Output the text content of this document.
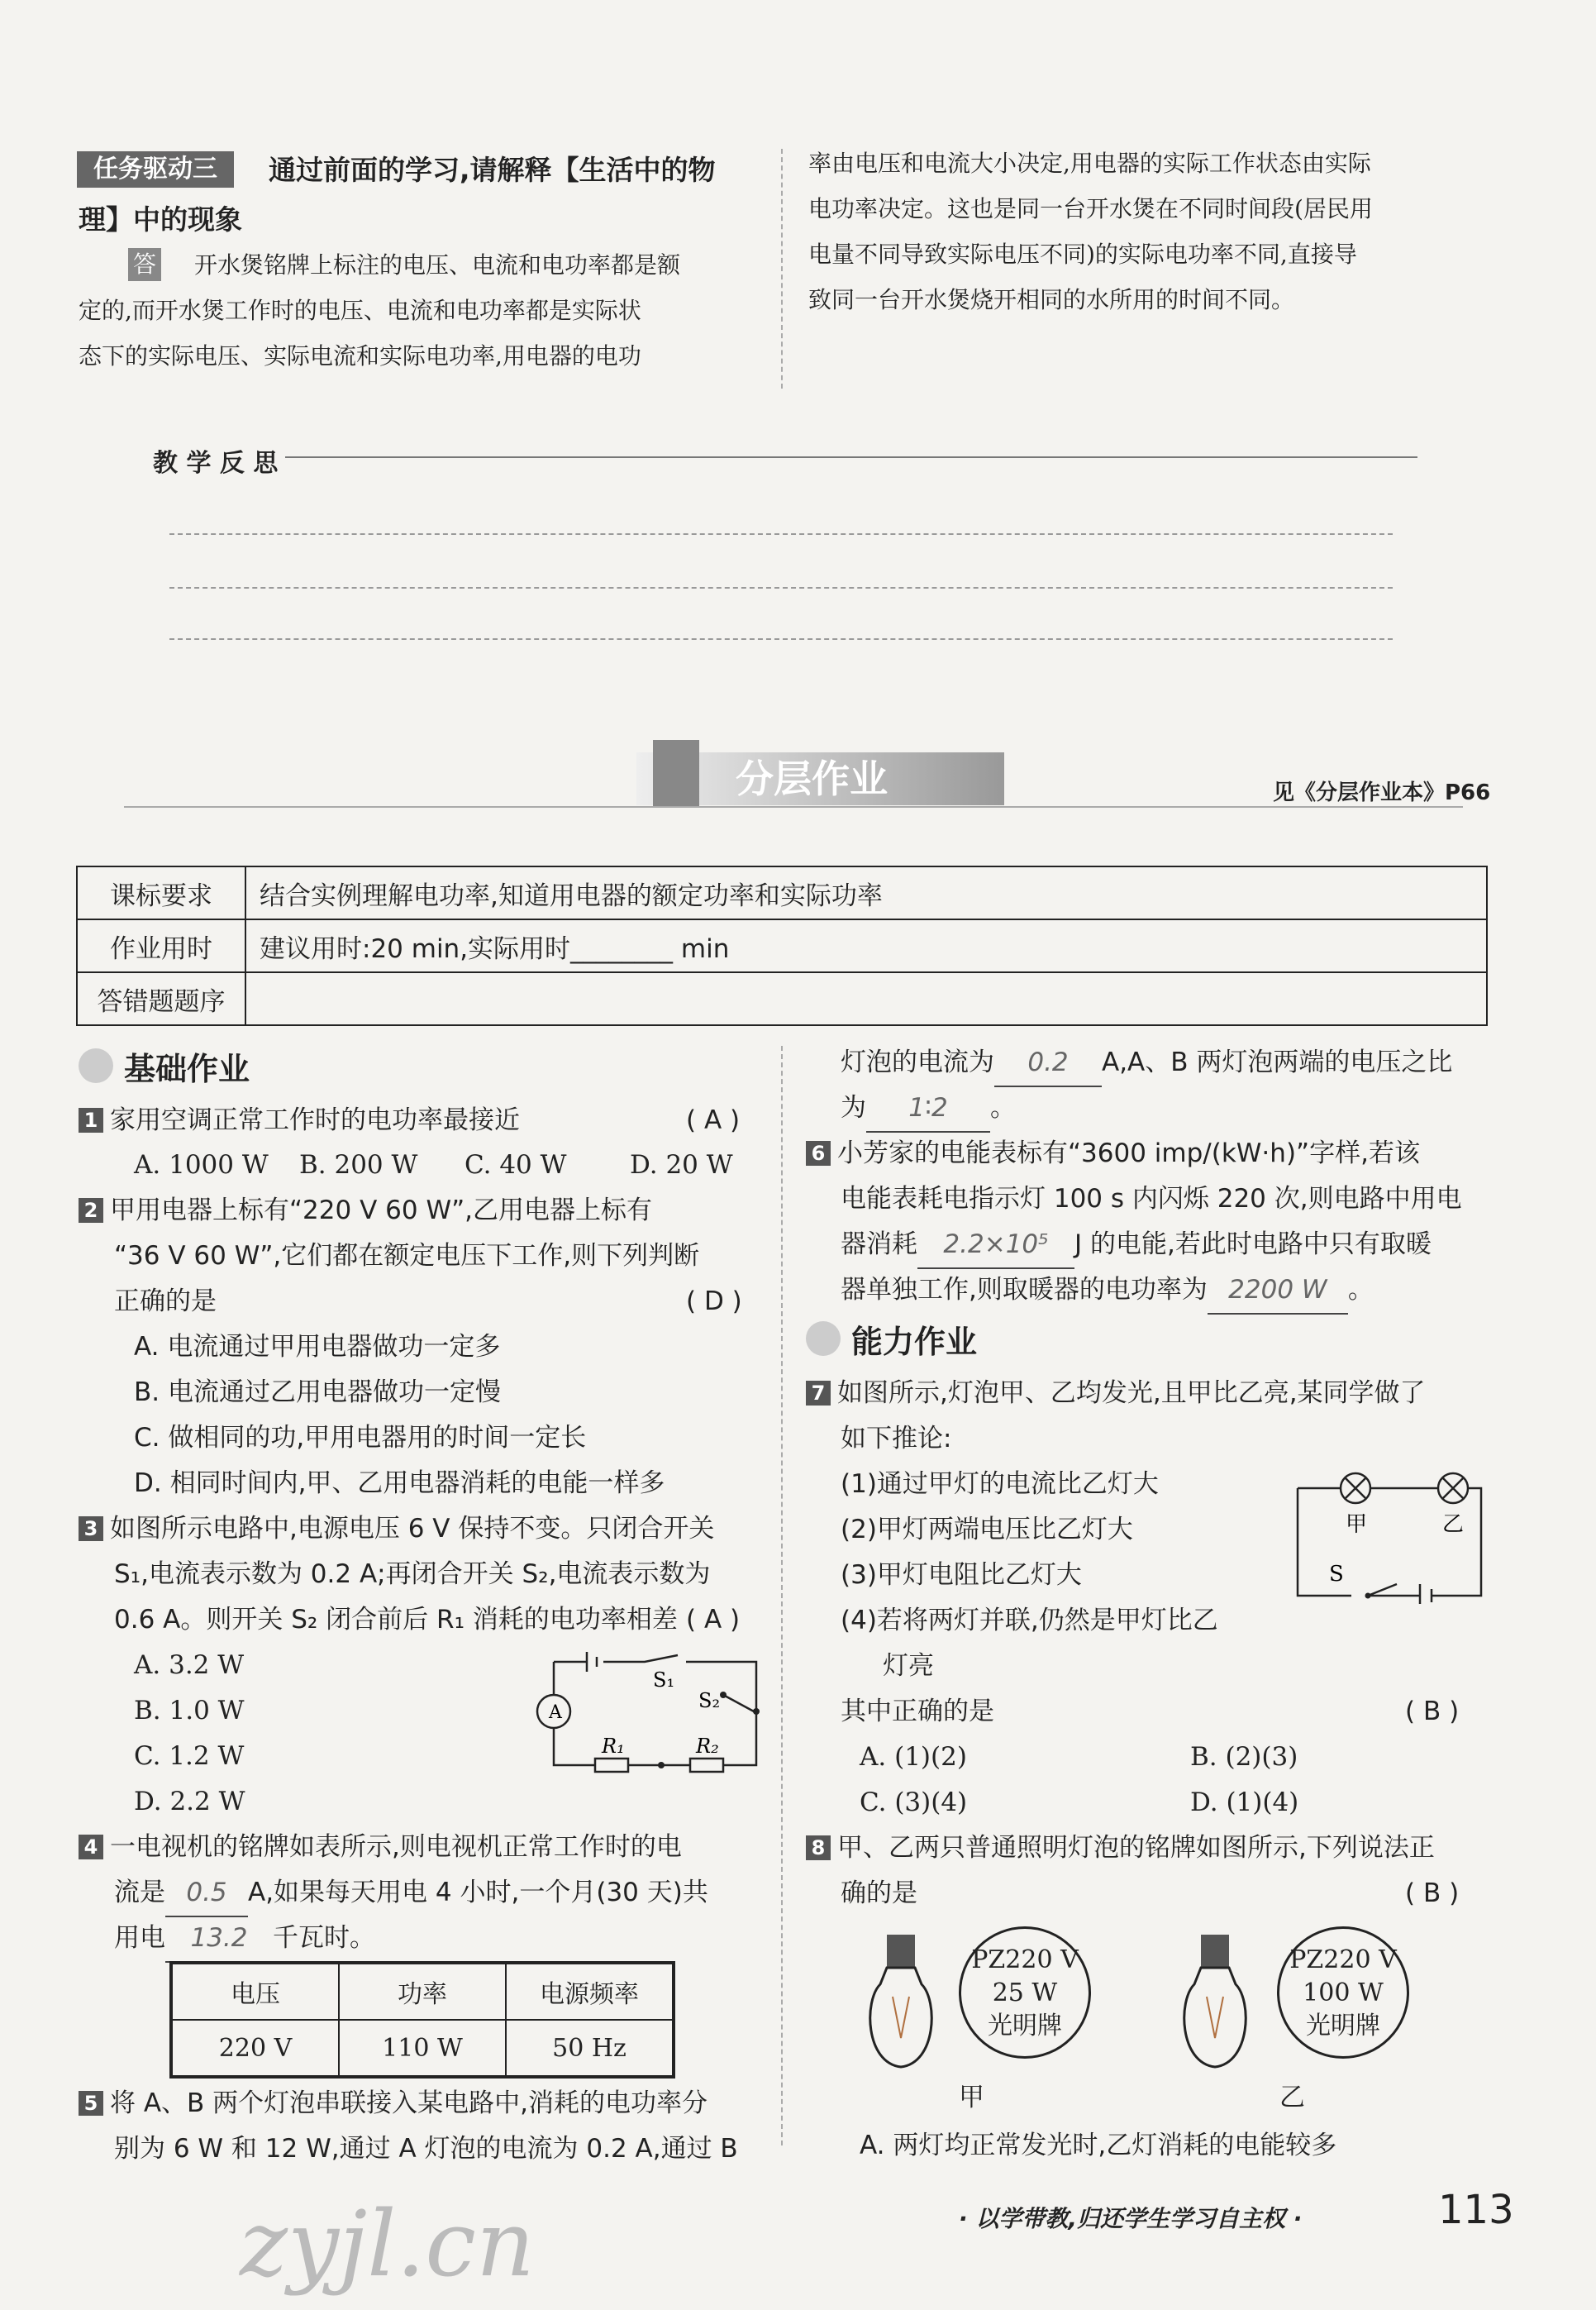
任务驱动三	通过前面的学习,请解释【生活中的物
理】中的现象
答 开水煲铭牌上标注的电压、电流和电功率都是额
定的,而开水煲工作时的电压、电流和电功率都是实际状
态下的实际电压、实际电流和实际电功率,用电器的电功
率由电压和电流大小决定,用电器的实际工作状态由实际
电功率决定。这也是同一台开水煲在不同时间段(居民用
电量不同导致实际电压不同)的实际电功率不同,直接导
致同一台开水煲烧开相同的水所用的时间不同。
教 学 反 思
分层作业	见《分层作业本》P66
课标要求	结合实例理解电功率,知道用电器的额定功率和实际功率
作业用时	建议用时:20 min,实际用时________ min
答错题题序	
基础作业
1 家用空调正常工作时的电功率最接近	( A )
A. 1000 W B. 200 W C. 40 W D. 20 W
2 甲用电器上标有“220 V 60 W”,乙用电器上标有
“36 V 60 W”,它们都在额定电压下工作,则下列判断
正确的是	( D )
A. 电流通过甲用电器做功一定多
B. 电流通过乙用电器做功一定慢
C. 做相同的功,甲用电器用的时间一定长
D. 相同时间内,甲、乙用电器消耗的电能一样多
3 如图所示电路中,电源电压 6 V 保持不变。只闭合开关
S₁,电流表示数为 0.2 A;再闭合开关 S₂,电流表示数为
0.6 A。则开关 S₂ 闭合前后 R₁ 消耗的电功率相差 ( A )
A. 3.2 W
B. 1.0 W
C. 1.2 W
D. 2.2 W
A
S₁
S₂
R₁	R₂
4 一电视机的铭牌如表所示,则电视机正常工作时的电
流是 0.5 A,如果每天用电 4 小时,一个月(30 天)共
用电 13.2 千瓦时。
电压	功率	电源频率
220 V	110 W	50 Hz
5 将 A、B 两个灯泡串联接入某电路中,消耗的电功率分
别为 6 W 和 12 W,通过 A 灯泡的电流为 0.2 A,通过 B
灯泡的电流为 0.2 A,A、B 两灯泡两端的电压之比
为 1∶2 。
6 小芳家的电能表标有“3600 imp/(kW·h)”字样,若该
电能表耗电指示灯 100 s 内闪烁 220 次,则电路中用电
器消耗 2.2×10⁵ J 的电能,若此时电路中只有取暖
器单独工作,则取暖器的电功率为 2200 W 。
能力作业
7 如图所示,灯泡甲、乙均发光,且甲比乙亮,某同学做了
如下推论:
(1)通过甲灯的电流比乙灯大
(2)甲灯两端电压比乙灯大
(3)甲灯电阻比乙灯大
(4)若将两灯并联,仍然是甲灯比乙
灯亮
其中正确的是	( B )
A. (1)(2)	B. (2)(3)
C. (3)(4)	D. (1)(4)
甲	乙
S
8 甲、乙两只普通照明灯泡的铭牌如图所示,下列说法正
确的是	( B )
PZ220 V
25 W
光明牌
甲
PZ220 V
100 W
光明牌
乙
A. 两灯均正常发光时,乙灯消耗的电能较多
zyjl.cn	· 以学带教,归还学生学习自主权 ·	113
